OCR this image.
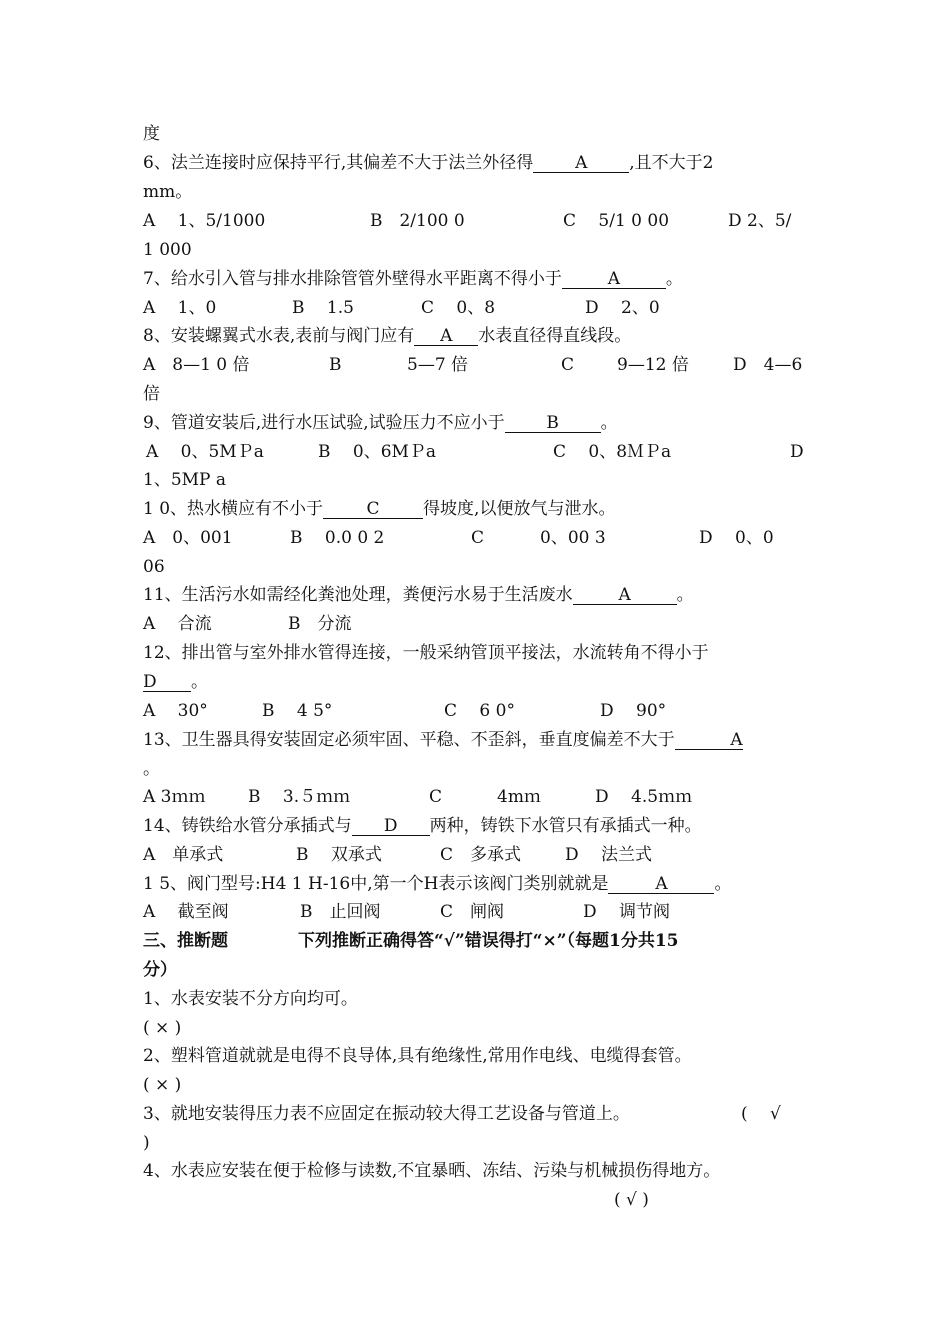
度
6、法兰连接时应保持平行,其偏差不大于法兰外径得 A ,且不大于2
mm。
A　 1、5/1000	B　2/100 0	C　 5/1 0 00	D 2、5/
1 000
7、给水引入管与排水排除管管外壁得水平距离不得小于	A	。
A　 1、0	B　 1.5	C　 0、8	D　 2、0
8、安装螺翼式水表,表前与阀门应有 A 水表直径得直线段。
A　8—1 0 倍	B	5—7 倍	C	9—12 倍	D　4—6
倍
9、管道安装后,进行水压试验,试验压力不应小于 B 。
A　 0、5MＰa	B　 0、6MＰa	C　 0、8ＭＰa	D
1、5MP a
1 0、热水横应有不小于	C	得坡度,以便放气与泄水。
A　0、001	B　 0.0 0 2	C	0、00 3	D　 0、0
06
11、生活污水如需经化粪池处理，粪便污水易于生活废水	A	。
A　 合流	B　分流
12、排出管与室外排水管得连接，一般采纳管顶平接法，水流转角不得小于
D 。
A　 30°	B　 4 5°	C　 6 0°	D　 90°
13、卫生器具得安装固定必须牢固、平稳、不歪斜，垂直度偏差不大于	A
。
A 3ｍｍ	B　 3.５ｍｍ	C	4mｍ	D　 4.5ｍｍ
14、铸铁给水管分承插式与 D 两种，铸铁下水管只有承插式一种。
A　单承式	B　 双承式	C　多承式	D　 法兰式
1 5、阀门型号:H4 1 H-16中,第一个H表示该阀门类别就就是	A	。
A　 截至阀	B　止回阀	C　闸阀	D　 调节阀
三、推断题	下列推断正确得答“√”错误得打“×”（每题1分共15
分）
1、水表安装不分方向均可。
( × )
2、塑料管道就就是电得不良导体,具有绝缘性,常用作电线、电缆得套管。
( × )
3、就地安装得压力表不应固定在振动较大得工艺设备与管道上。	(　 √
)
4、水表应安装在便于检修与读数,不宜暴晒、冻结、污染与机械损伤得地方。
( √ )
